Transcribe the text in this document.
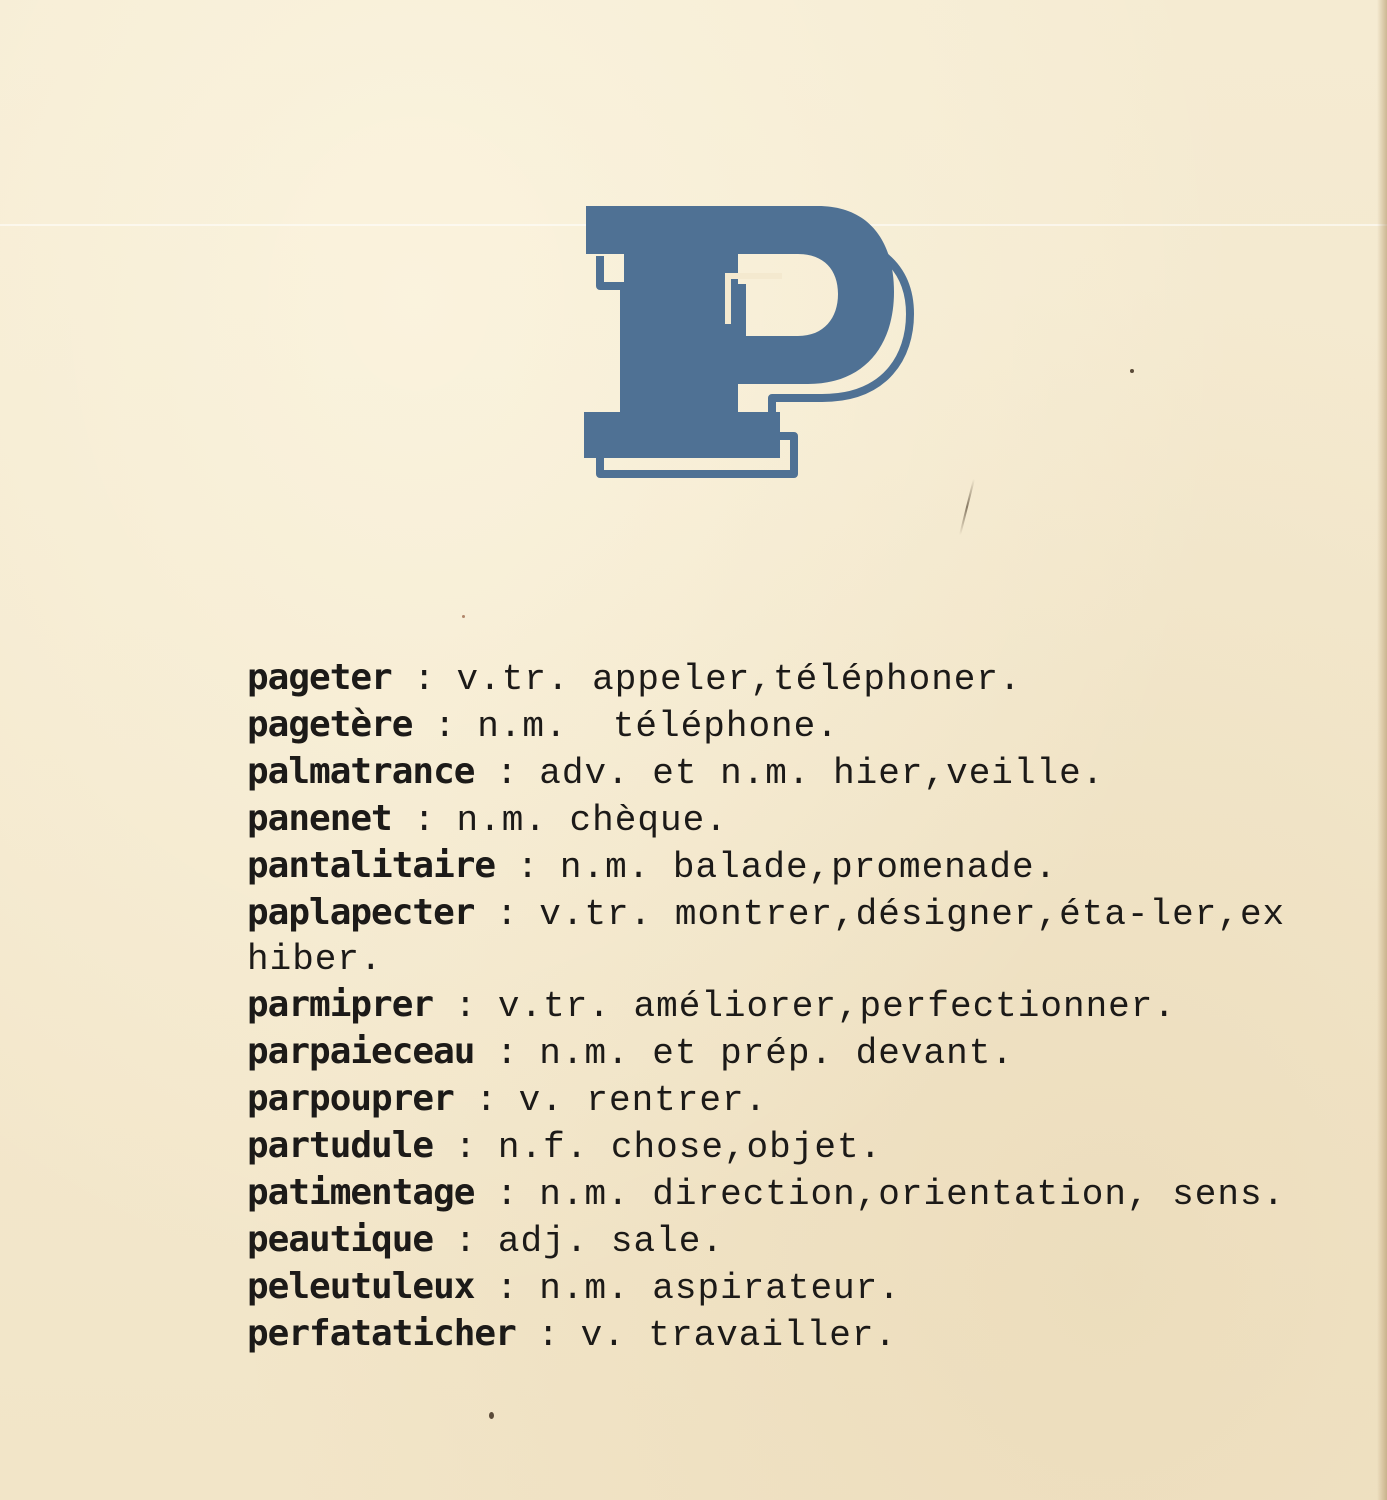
pageter : v.tr. appeler,téléphoner.

pagetère : n.m.  téléphone.

palmatrance : adv. et n.m. hier,veille.

panenet : n.m. chèque.

pantalitaire : n.m. balade,promenade.

paplapecter : v.tr. montrer,désigner,éta-ler,exhiber.

parmiprer : v.tr. améliorer,perfectionner.

parpaieceau : n.m. et prép. devant.

parpouprer : v. rentrer.

partudule : n.f. chose,objet.

patimentage : n.m. direction,orientation, sens.

peautique : adj. sale.

peleutuleux : n.m. aspirateur.

perfataticher : v. travailler.
